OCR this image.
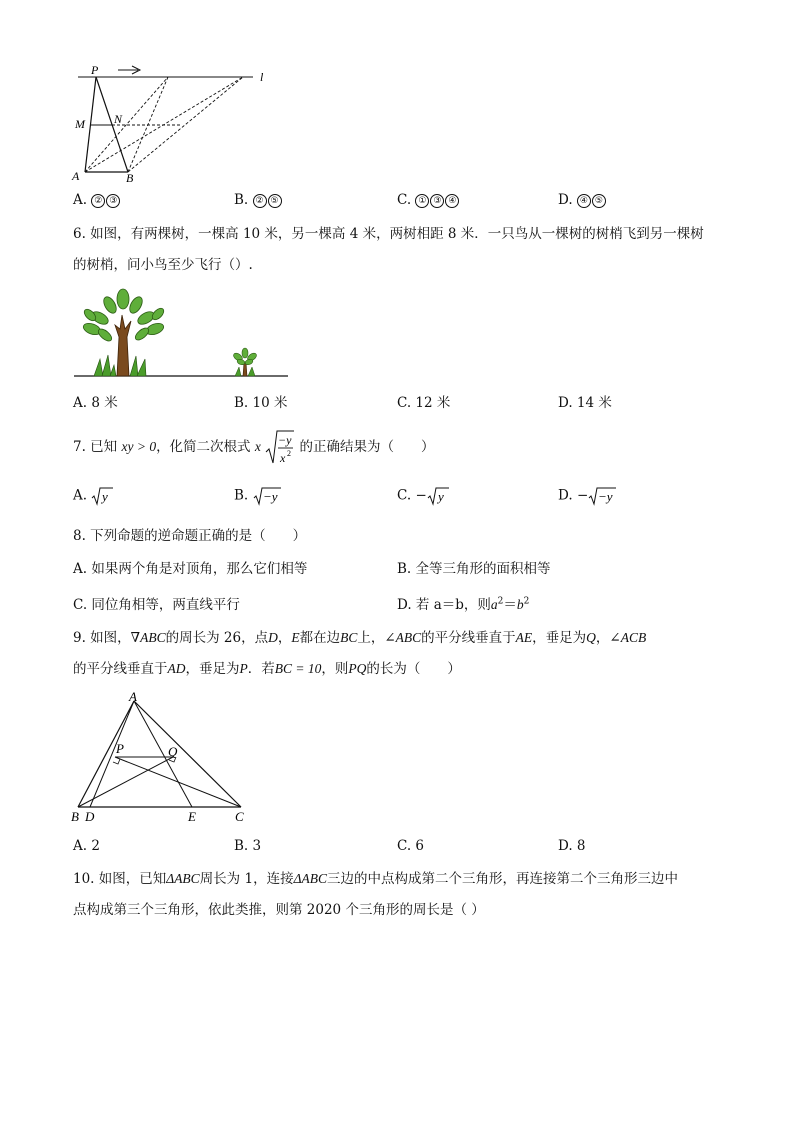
P	l
M N
A	B
A. ② ③	B. ② ⑤	C. ① ③ ④	D. ④ ⑤
6. 如图，有两棵树，一棵高 10 米，另一棵高 4 米，两树相距 8 米．一只鸟从一棵树的树梢飞到另一棵树
的树梢，问小鸟至少飞行（）.
A. 8 米	B. 10 米	C. 12 米	D. 14 米
7. 已知 xy > 0，化简二次根式 x −y
x 2 的正确结果为（　　）
A. y	B. −y	C. − y	D. − −y
8. 下列命题的逆命题正确的是（　　）
A. 如果两个角是对顶角，那么它们相等	B. 全等三角形的面积相等
C. 同位角相等，两直线平行	D. 若 a＝b，则$a^2=b^2$
9. 如图，∇ABC的周长为 26，点D，E都在边BC上，∠ABC的平分线垂直于AE，垂足为Q，∠ACB
的平分线垂直于AD，垂足为P．若BC = 10，则PQ的长为（　　）
A
P	Q
B D	E	C
A. 2	B. 3	C. 6	D. 8
10. 如图，已知ΔABC周长为 1，连接ΔABC三边的中点构成第二个三角形，再连接第二个三角形三边中
点构成第三个三角形，依此类推，则第 2020 个三角形的周长是（ ）
